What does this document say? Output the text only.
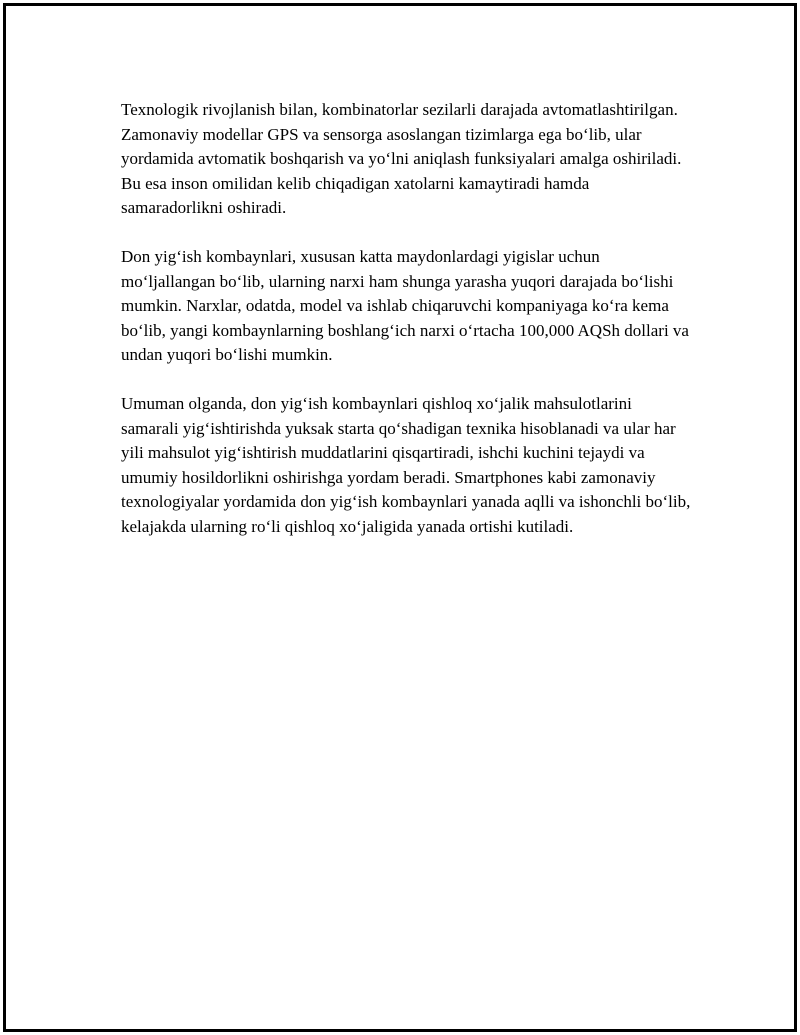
Texnologik rivojlanish bilan, kombinatorlar sezilarli darajada avtomatlashtirilgan. Zamonaviy modellar GPS va sensorga asoslangan tizimlarga ega bo‘lib, ular yordamida avtomatik boshqarish va yo‘lni aniqlash funksiyalari amalga oshiriladi. Bu esa inson omilidan kelib chiqadigan xatolarni kamaytiradi hamda samaradorlikni oshiradi.

Don yig‘ish kombaynlari, xususan katta maydonlardagi yigislar uchun mo‘ljallangan bo‘lib, ularning narxi ham shunga yarasha yuqori darajada bo‘lishi mumkin. Narxlar, odatda, model va ishlab chiqaruvchi kompaniyaga ko‘ra kema bo‘lib, yangi kombaynlarning boshlang‘ich narxi o‘rtacha 100,000 AQSh dollari va undan yuqori bo‘lishi mumkin.

Umuman olganda, don yig‘ish kombaynlari qishloq xo‘jalik mahsulotlarini samarali yig‘ishtirishda yuksak starta qo‘shadigan texnika hisoblanadi va ular har yili mahsulot yig‘ishtirish muddatlarini qisqartiradi, ishchi kuchini tejaydi va umumiy hosildorlikni oshirishga yordam beradi. Smartphones kabi zamonaviy texnologiyalar yordamida don yig‘ish kombaynlari yanada aqlli va ishonchli bo‘lib, kelajakda ularning ro‘li qishloq xo‘jaligida yanada ortishi kutiladi.
